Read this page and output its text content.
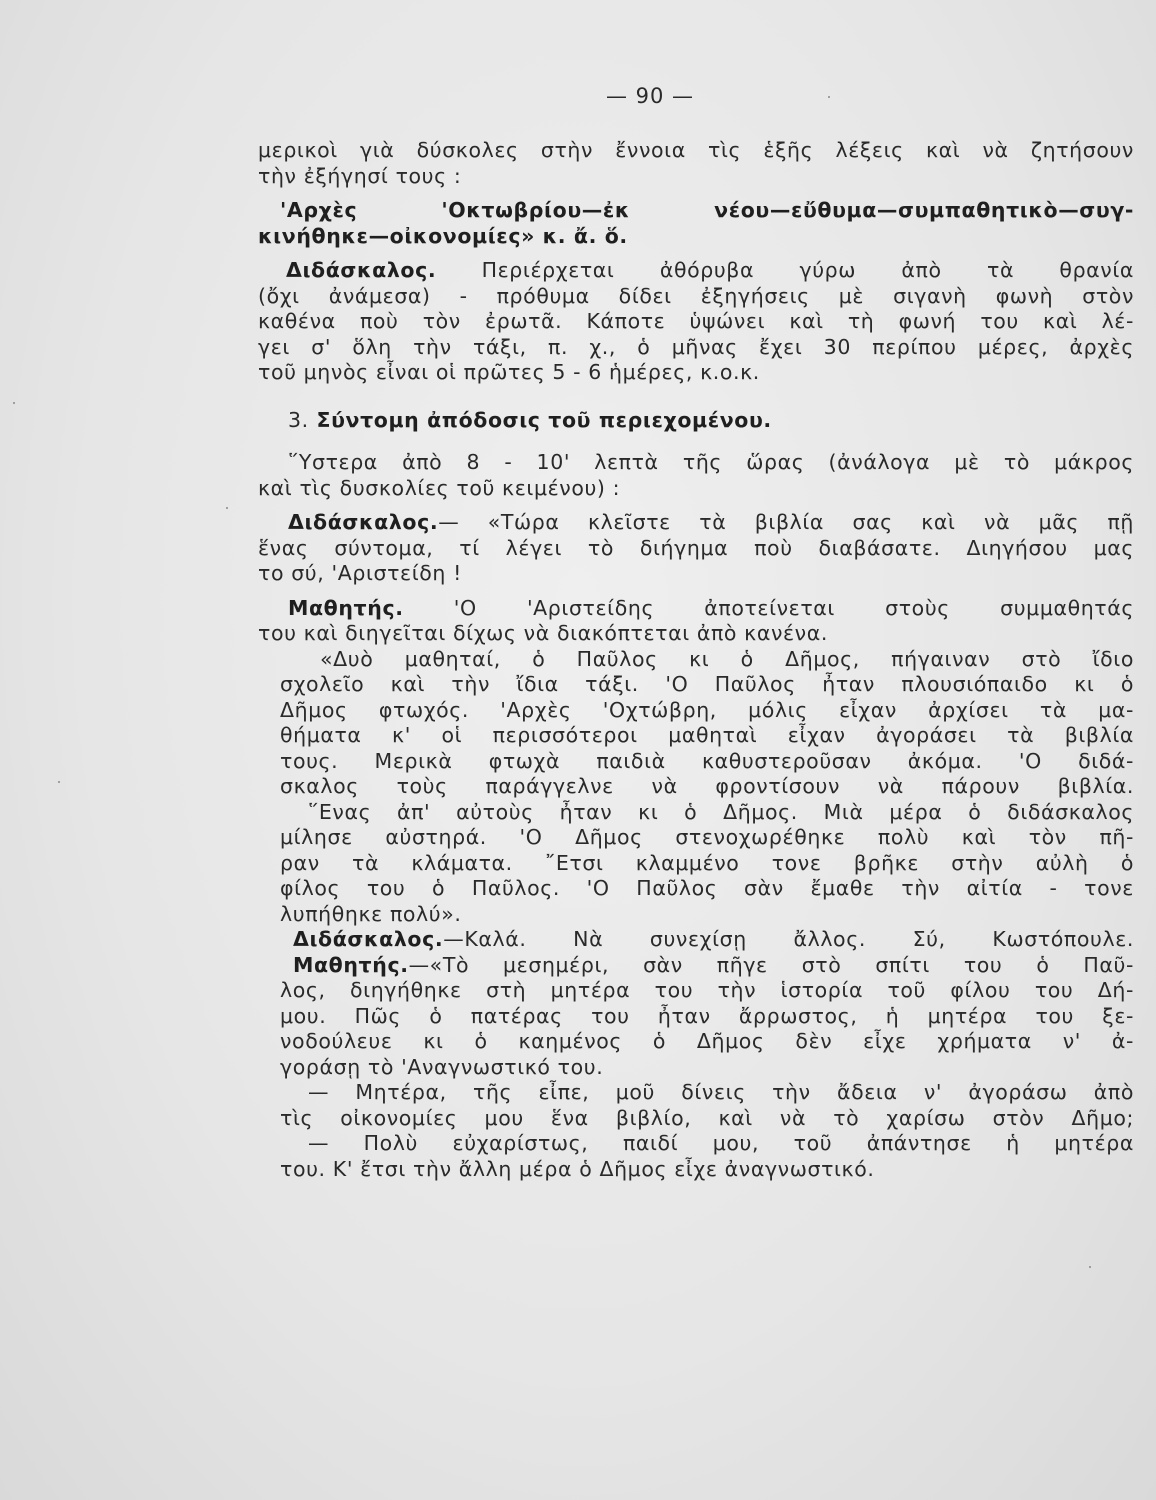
— 90 —
μερικοὶ γιὰ δύσκολες στὴν ἔννοια τὶς ἑξῆς λέξεις καὶ νὰ ζητήσουν
τὴν ἐξήγησί τους :
'Αρχὲς 'Οκτωβρίου—ἐκ νέου—εὔθυμα—συμπαθητικὸ—συγ-
κινήθηκε—οἰκονομίες» κ. ἄ. ὅ.
Διδάσκαλος. Περιέρχεται ἀθόρυβα γύρω ἀπὸ τὰ θρανία
(ὄχι ἀνάμεσα) - πρόθυμα δίδει ἐξηγήσεις μὲ σιγανὴ φωνὴ στὸν
καθένα ποὺ τὸν ἐρωτᾶ. Κάποτε ὑψώνει καὶ τὴ φωνή του καὶ λέ-
γει σ' ὅλη τὴν τάξι, π. χ., ὁ μῆνας ἔχει 30 περίπου μέρες, ἀρχὲς
τοῦ μηνὸς εἶναι οἱ πρῶτες 5 - 6 ἡμέρες, κ.ο.κ.
3. Σύντομη ἀπόδοσις τοῦ περιεχομένου.
῞Υστερα ἀπὸ 8 - 10' λεπτὰ τῆς ὥρας (ἀνάλογα μὲ τὸ μάκρος
καὶ τὶς δυσκολίες τοῦ κειμένου) :
Διδάσκαλος.— «Τώρα κλεῖστε τὰ βιβλία σας καὶ νὰ μᾶς πῇ
ἕνας σύντομα, τί λέγει τὸ διήγημα ποὺ διαβάσατε. Διηγήσου μας
το σύ, 'Αριστείδη !
Μαθητής. 'Ο 'Αριστείδης ἀποτείνεται στοὺς συμμαθητάς
του καὶ διηγεῖται δίχως νὰ διακόπτεται ἀπὸ κανένα.
«Δυὸ μαθηταί, ὁ Παῦλος κι ὁ Δῆμος, πήγαιναν στὸ ἴδιο
σχολεῖο καὶ τὴν ἴδια τάξι. 'Ο Παῦλος ἦταν πλουσιόπαιδο κι ὁ
Δῆμος φτωχός. 'Αρχὲς 'Οχτώβρη, μόλις εἶχαν ἀρχίσει τὰ μα-
θήματα κ' οἱ περισσότεροι μαθηταὶ εἶχαν ἀγοράσει τὰ βιβλία
τους. Μερικὰ φτωχὰ παιδιὰ καθυστεροῦσαν ἀκόμα. 'Ο διδά-
σκαλος τοὺς παράγγελνε νὰ φροντίσουν νὰ πάρουν βιβλία.
῞Ενας ἀπ' αὐτοὺς ἦταν κι ὁ Δῆμος. Μιὰ μέρα ὁ διδάσκαλος
μίλησε αὐστηρά. 'Ο Δῆμος στενοχωρέθηκε πολὺ καὶ τὸν πῆ-
ραν τὰ κλάματα. ῎Ετσι κλαμμένο τονε βρῆκε στὴν αὐλὴ ὁ
φίλος του ὁ Παῦλος. 'Ο Παῦλος σὰν ἔμαθε τὴν αἰτία - τονε
λυπήθηκε πολύ».
Διδάσκαλος.—Καλά. Νὰ συνεχίσῃ ἄλλος. Σύ, Κωστόπουλε.
Μαθητής.—«Τὸ μεσημέρι, σὰν πῆγε στὸ σπίτι του ὁ Παῦ-
λος, διηγήθηκε στὴ μητέρα του τὴν ἱστορία τοῦ φίλου του Δή-
μου. Πῶς ὁ πατέρας του ἦταν ἄρρωστος, ἡ μητέρα του ξε-
νοδούλευε κι ὁ καημένος ὁ Δῆμος δὲν εἶχε χρήματα ν' ἀ-
γοράσῃ τὸ 'Αναγνωστικό του.
— Μητέρα, τῆς εἶπε, μοῦ δίνεις τὴν ἄδεια ν' ἀγοράσω ἀπὸ
τὶς οἰκονομίες μου ἕνα βιβλίο, καὶ νὰ τὸ χαρίσω στὸν Δῆμο;
— Πολὺ εὐχαρίστως, παιδί μου, τοῦ ἀπάντησε ἡ μητέρα
του. Κ' ἔτσι τὴν ἄλλη μέρα ὁ Δῆμος εἶχε ἀναγνωστικό.
